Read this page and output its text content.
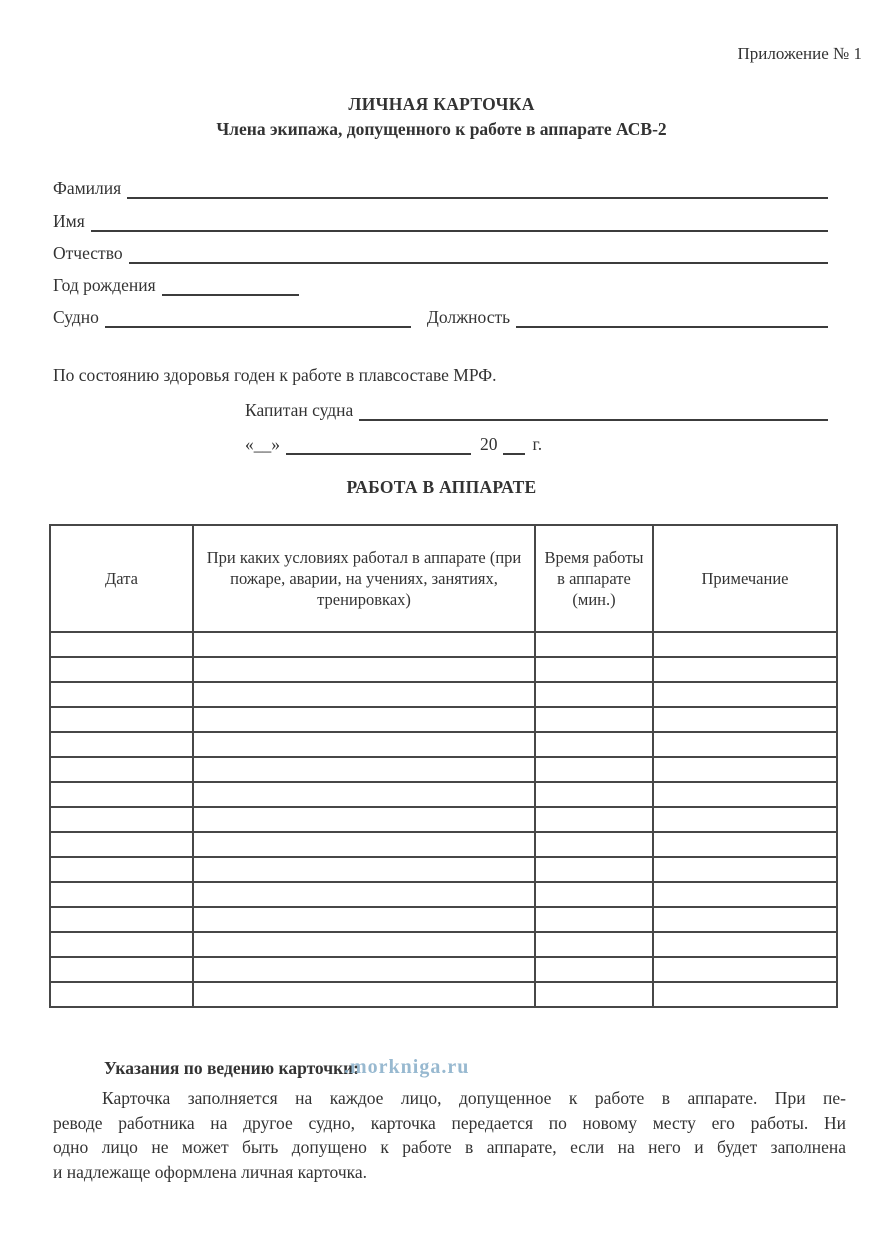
Приложение № 1
ЛИЧНАЯ КАРТОЧКА
Члена экипажа, допущенного к работе в аппарате АСВ-2
Фамилия
Имя
Отчество
Год рождения
Судно	Должность
По состоянию здоровья годен к работе в плавсоставе МРФ.
Капитан судна
«__»	20	г.
РАБОТА В АППАРАТЕ
Дата	При каких условиях работал в аппарате (при пожаре, аварии, на учениях, занятиях, тренировках)	Время работы в аппарате (мин.)	Примечание

Указания по ведению карточки:
.morkniga.ru
Карточка заполняется на каждое лицо, допущенное к работе в аппарате. При пе-
реводе работника на другое судно, карточка передается по новому месту его работы. Ни
одно лицо не может быть допущено к работе в аппарате, если на него и будет заполнена
и надлежаще оформлена личная карточка.
